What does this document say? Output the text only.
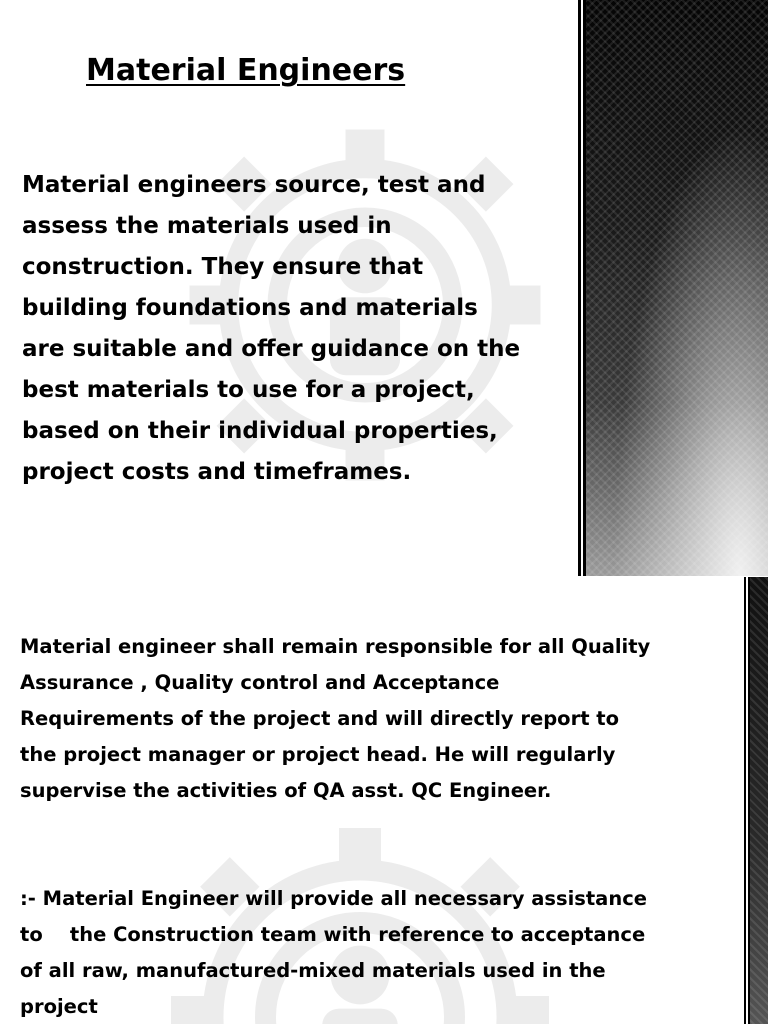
Material Engineers

Material engineers source, test and
assess the materials used in
construction. They ensure that
building foundations and materials
are suitable and offer guidance on the
best materials to use for a project,
based on their individual properties,
project costs and timeframes.

Material engineer shall remain responsible for all Quality
Assurance , Quality control and Acceptance
Requirements of the project and will directly report to
the project manager or project head. He will regularly
supervise the activities of QA asst. QC Engineer.

:- Material Engineer will provide all necessary assistance
to    the Construction team with reference to acceptance
of all raw, manufactured-mixed materials used in the
project
